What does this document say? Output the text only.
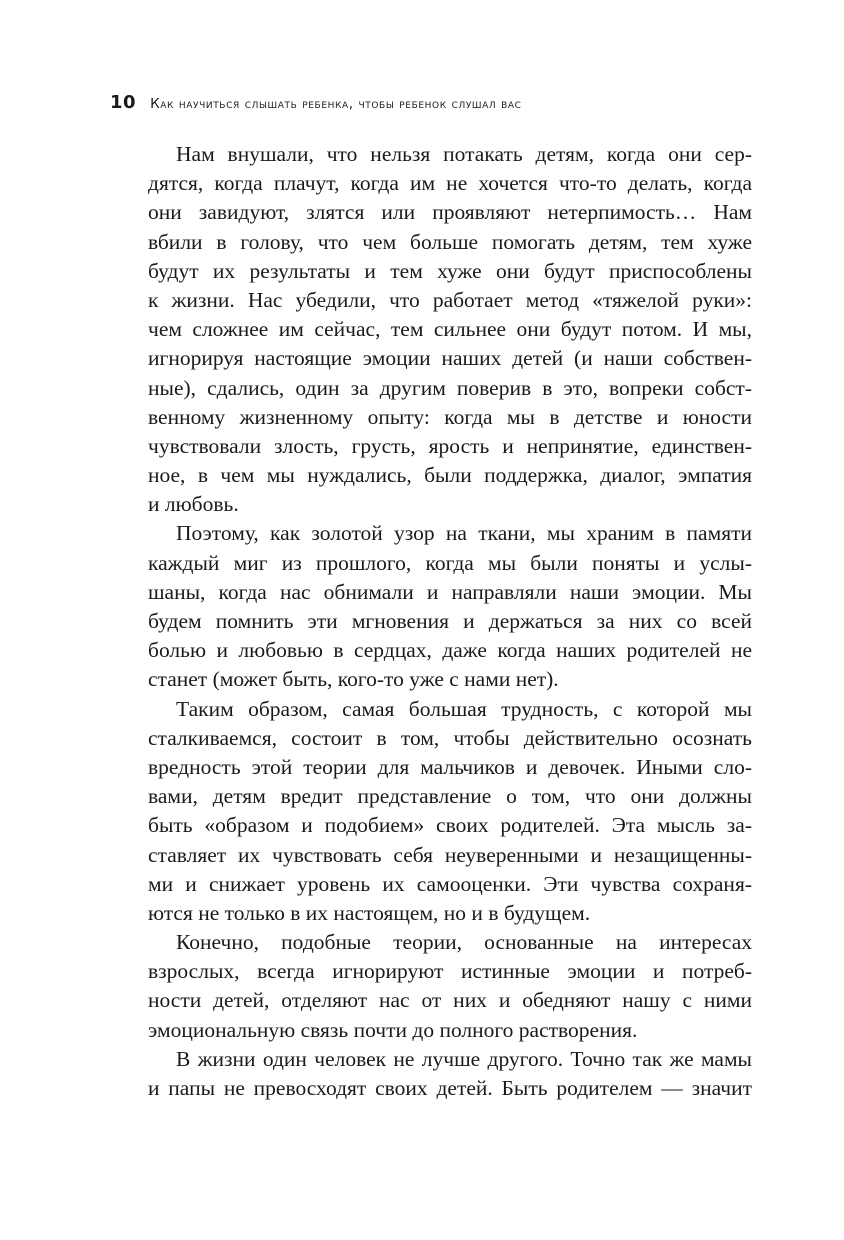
10 Как научиться слышать ребенка, чтобы ребенок слушал вас
Нам внушали, что нельзя потакать детям, когда они сер-
дятся, когда плачут, когда им не хочется что-то делать, когда
они завидуют, злятся или проявляют нетерпимость… Нам
вбили в голову, что чем больше помогать детям, тем хуже
будут их результаты и тем хуже они будут приспособлены
к жизни. Нас убедили, что работает метод «тяжелой руки»:
чем сложнее им сейчас, тем сильнее они будут потом. И мы,
игнорируя настоящие эмоции наших детей (и наши собствен-
ные), сдались, один за другим поверив в это, вопреки собст-
венному жизненному опыту: когда мы в детстве и юности
чувствовали злость, грусть, ярость и непринятие, единствен-
ное, в чем мы нуждались, были поддержка, диалог, эмпатия
и любовь.
Поэтому, как золотой узор на ткани, мы храним в памяти
каждый миг из прошлого, когда мы были поняты и услы-
шаны, когда нас обнимали и направляли наши эмоции. Мы
будем помнить эти мгновения и держаться за них со всей
болью и любовью в сердцах, даже когда наших родителей не
станет (может быть, кого-то уже с нами нет).
Таким образом, самая большая трудность, с которой мы
сталкиваемся, состоит в том, чтобы действительно осознать
вредность этой теории для мальчиков и девочек. Иными сло-
вами, детям вредит представление о том, что они должны
быть «образом и подобием» своих родителей. Эта мысль за-
ставляет их чувствовать себя неуверенными и незащищенны-
ми и снижает уровень их самооценки. Эти чувства сохраня-
ются не только в их настоящем, но и в будущем.
Конечно, подобные теории, основанные на интересах
взрослых, всегда игнорируют истинные эмоции и потреб-
ности детей, отделяют нас от них и обедняют нашу с ними
эмоциональную связь почти до полного растворения.
В жизни один человек не лучше другого. Точно так же мамы
и папы не превосходят своих детей. Быть родителем — значит
